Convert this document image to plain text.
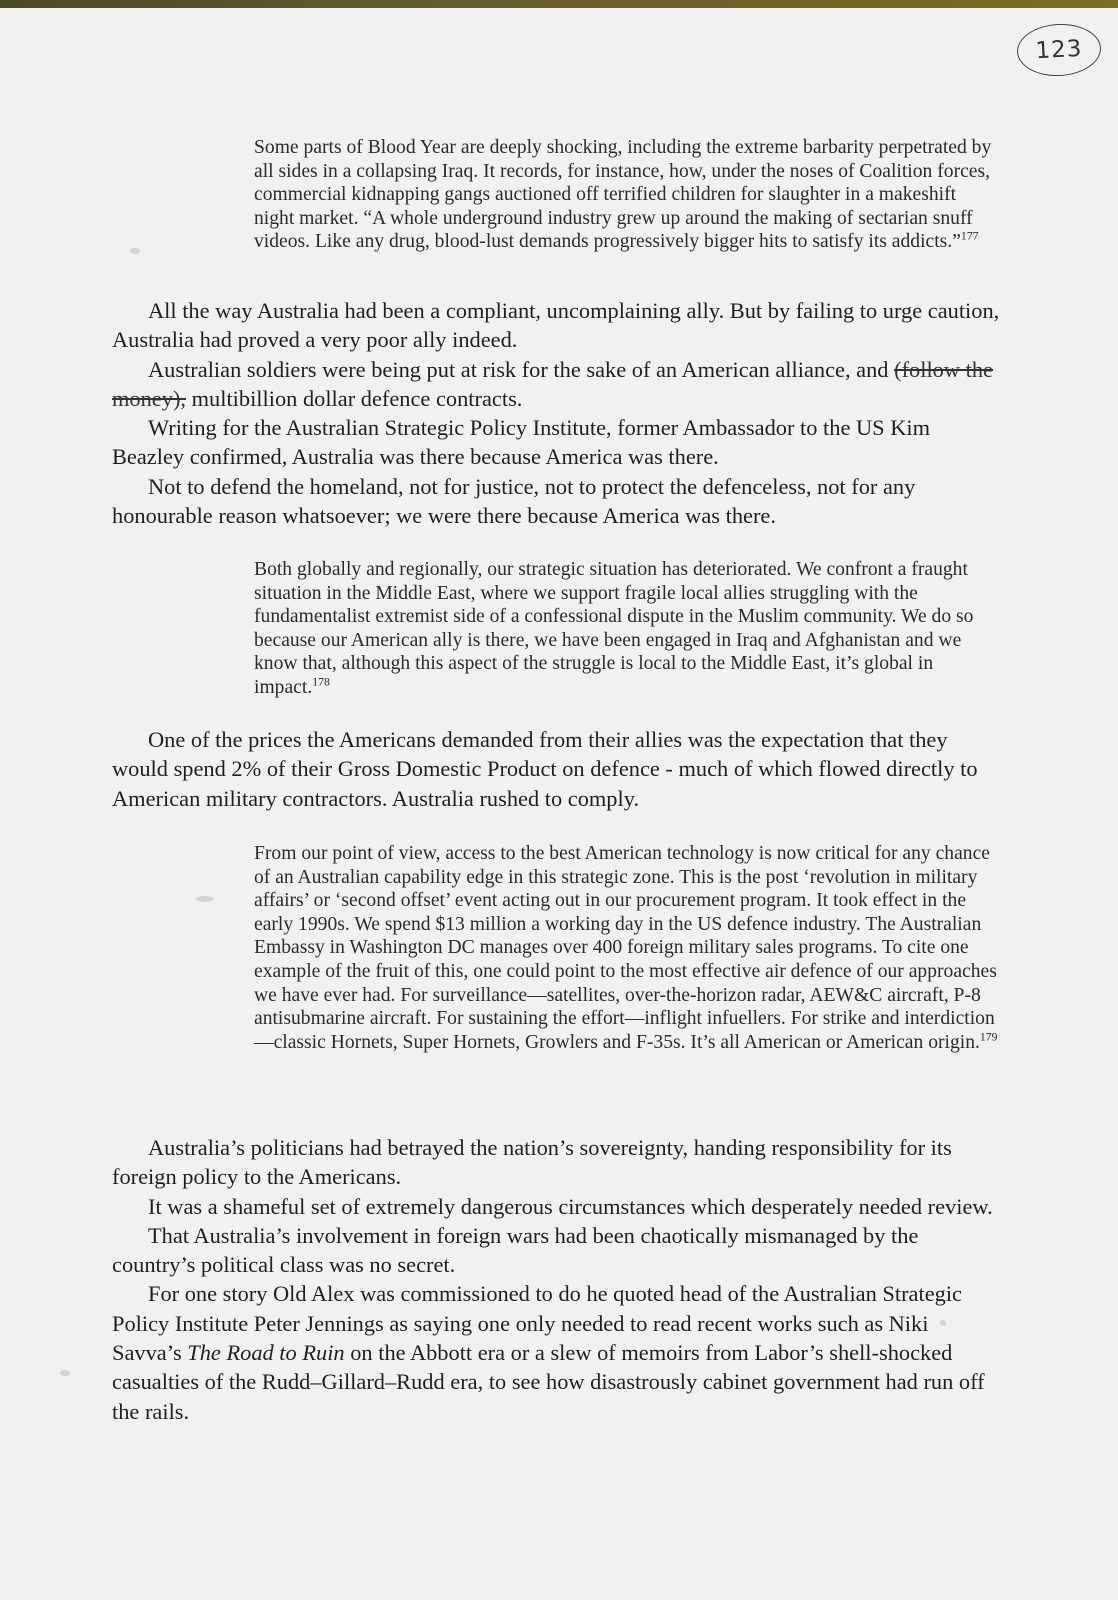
123
Some parts of Blood Year are deeply shocking, including the extreme barbarity perpetrated by all sides in a collapsing Iraq. It records, for instance, how, under the noses of Coalition forces, commercial kidnapping gangs auctioned off terrified children for slaughter in a makeshift night market. “A whole underground industry grew up around the making of sectarian snuff videos. Like any drug, blood-lust demands progressively bigger hits to satisfy its addicts.”$^{177}$

All the way Australia had been a compliant, uncomplaining ally. But by failing to urge caution, Australia had proved a very poor ally indeed.

Australian soldiers were being put at risk for the sake of an American alliance, and (follow the money), multibillion dollar defence contracts.

Writing for the Australian Strategic Policy Institute, former Ambassador to the US Kim Beazley confirmed, Australia was there because America was there.

Not to defend the homeland, not for justice, not to protect the defenceless, not for any honourable reason whatsoever; we were there because America was there.

Both globally and regionally, our strategic situation has deteriorated. We confront a fraught situation in the Middle East, where we support fragile local allies struggling with the fundamentalist extremist side of a confessional dispute in the Muslim community. We do so because our American ally is there, we have been engaged in Iraq and Afghanistan and we know that, although this aspect of the struggle is local to the Middle East, it’s global in impact.$^{178}$

One of the prices the Americans demanded from their allies was the expectation that they would spend 2% of their Gross Domestic Product on defence - much of which flowed directly to American military contractors. Australia rushed to comply.

From our point of view, access to the best American technology is now critical for any chance of an Australian capability edge in this strategic zone. This is the post ‘revolution in military affairs’ or ‘second offset’ event acting out in our procurement program. It took effect in the early 1990s. We spend $13 million a working day in the US defence industry. The Australian Embassy in Washington DC manages over 400 foreign military sales programs. To cite one example of the fruit of this, one could point to the most effective air defence of our approaches we have ever had. For surveillance—satellites, over-the-horizon radar, AEW&C aircraft, P-8 antisubmarine aircraft. For sustaining the effort—inflight infuellers. For strike and interdiction—classic Hornets, Super Hornets, Growlers and F-35s. It’s all American or American origin.$^{179}$

Australia’s politicians had betrayed the nation’s sovereignty, handing responsibility for its foreign policy to the Americans.

It was a shameful set of extremely dangerous circumstances which desperately needed review.

That Australia’s involvement in foreign wars had been chaotically mismanaged by the country’s political class was no secret.

For one story Old Alex was commissioned to do he quoted head of the Australian Strategic Policy Institute Peter Jennings as saying one only needed to read recent works such as Niki Savva’s The Road to Ruin on the Abbott era or a slew of memoirs from Labor’s shell-shocked casualties of the Rudd–Gillard–Rudd era, to see how disastrously cabinet government had run off the rails.
